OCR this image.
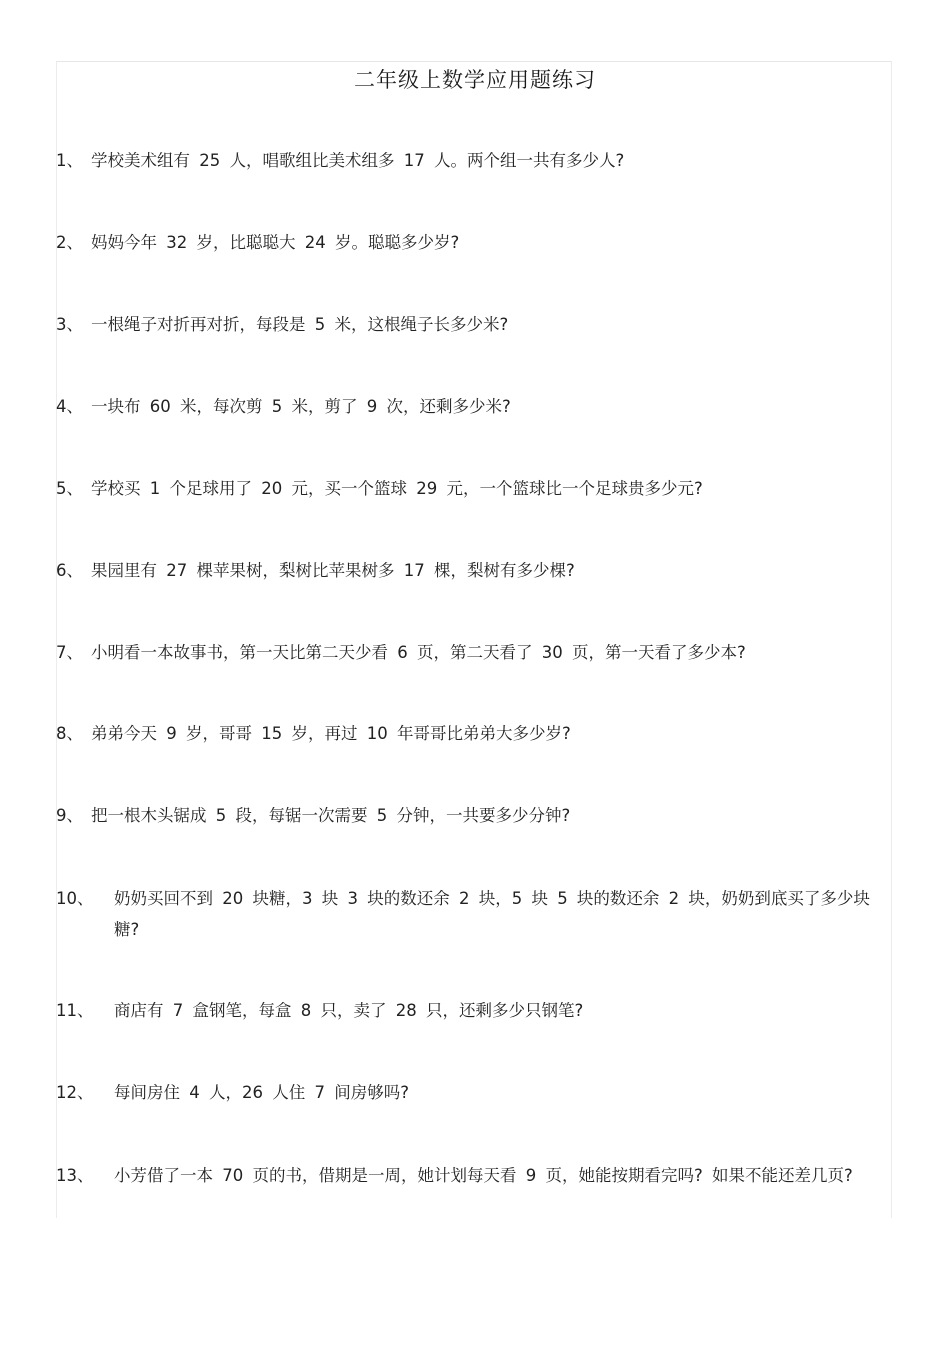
二年级上数学应用题练习
1、 学校美术组有 25 人，唱歌组比美术组多 17 人。两个组一共有多少人?
2、 妈妈今年 32 岁，比聪聪大 24 岁。聪聪多少岁?
3、 一根绳子对折再对折，每段是 5 米，这根绳子长多少米?
4、 一块布 60 米，每次剪 5 米，剪了 9 次，还剩多少米?
5、 学校买 1 个足球用了 20 元，买一个篮球 29 元，一个篮球比一个足球贵多少元?
6、 果园里有 27 棵苹果树，梨树比苹果树多 17 棵，梨树有多少棵?
7、 小明看一本故事书，第一天比第二天少看 6 页，第二天看了 30 页，第一天看了多少本?
8、 弟弟今天 9 岁，哥哥 15 岁，再过 10 年哥哥比弟弟大多少岁?
9、 把一根木头锯成 5 段，每锯一次需要 5 分钟，一共要多少分钟?
10、	奶奶买回不到 20 块糖，3 块 3 块的数还余 2 块，5 块 5 块的数还余 2 块，奶奶到底买了多少块糖?
11、	商店有 7 盒钢笔，每盒 8 只，卖了 28 只，还剩多少只钢笔?
12、	每间房住 4 人，26 人住 7 间房够吗?
13、	小芳借了一本 70 页的书，借期是一周，她计划每天看 9 页，她能按期看完吗? 如果不能还差几页?
